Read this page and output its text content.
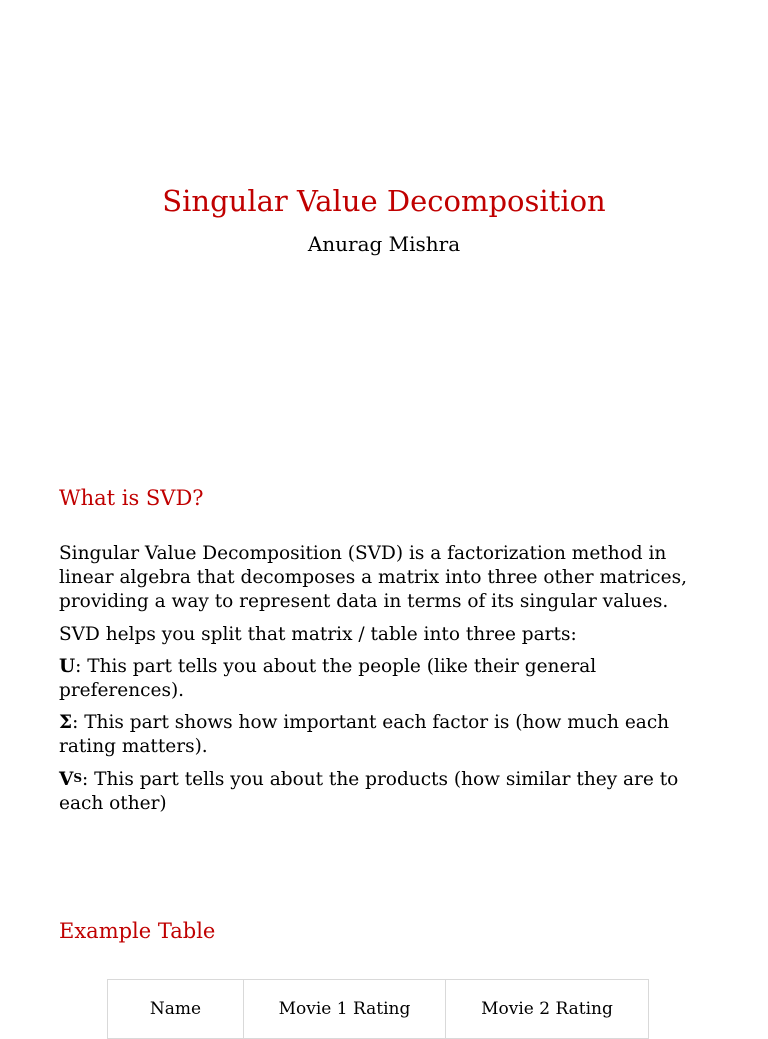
Singular Value Decomposition
Anurag Mishra
What is SVD?

Singular Value Decomposition (SVD) is a factorization method in linear algebra that decomposes a matrix into three other matrices, providing a way to represent data in terms of its singular values.

SVD helps you split that matrix / table into three parts:

U: This part tells you about the people (like their general preferences).

Σ: This part shows how important each factor is (how much each rating matters).

$V^S$: This part tells you about the products (how similar they are to each other)

Example Table
Name	Movie 1 Rating	Movie 2 Rating
